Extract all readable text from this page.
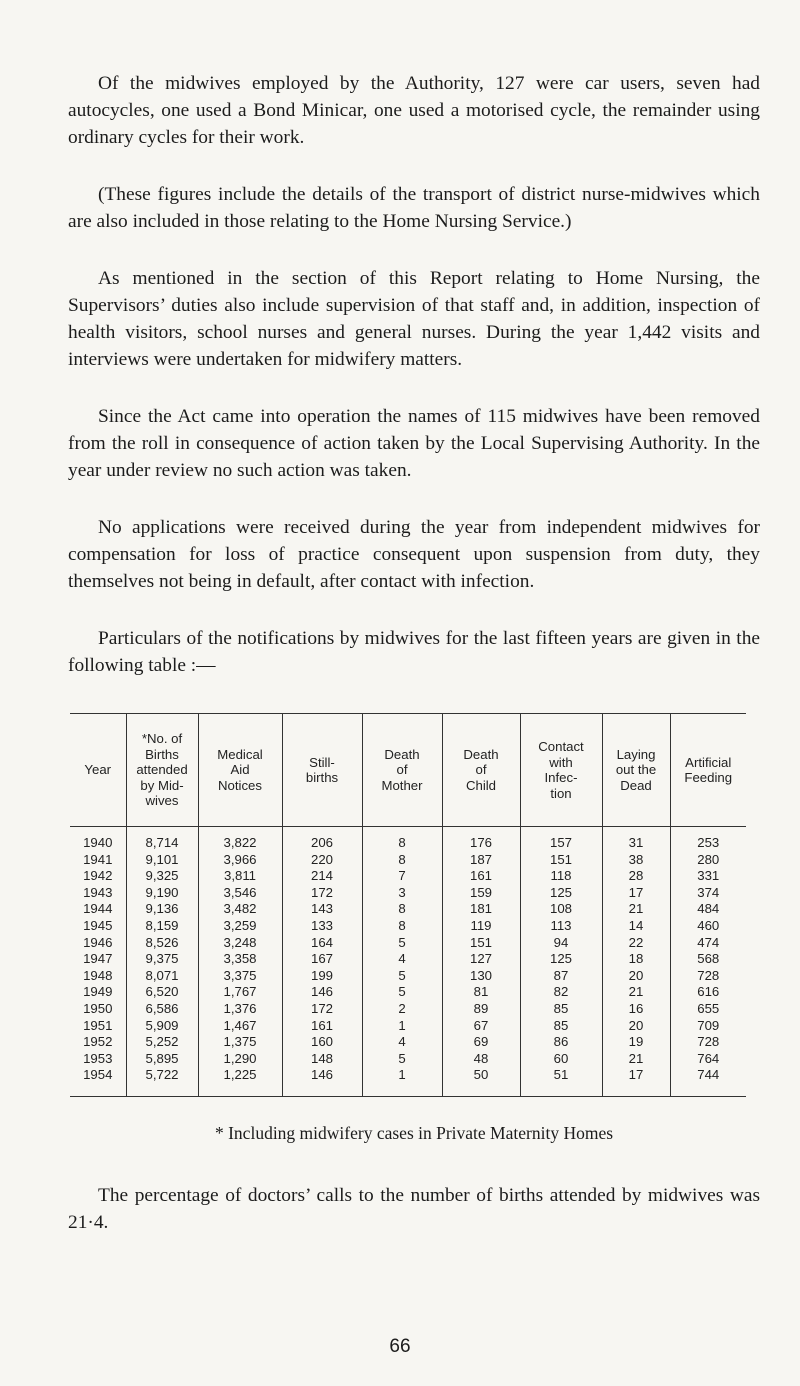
Of the midwives employed by the Authority, 127 were car users, seven had autocycles, one used a Bond Minicar, one used a motorised cycle, the remainder using ordinary cycles for their work.

(These figures include the details of the transport of district nurse-midwives which are also included in those relating to the Home Nursing Service.)

As mentioned in the section of this Report relating to Home Nursing, the Supervisors’ duties also include supervision of that staff and, in addition, inspection of health visitors, school nurses and general nurses. During the year 1,442 visits and interviews were undertaken for midwifery matters.

Since the Act came into operation the names of 115 midwives have been removed from the roll in consequence of action taken by the Local Supervising Authority. In the year under review no such action was taken.

No applications were received during the year from independent midwives for compensation for loss of practice consequent upon suspension from duty, they themselves not being in default, after contact with infection.

Particulars of the notifications by midwives for the last fifteen years are given in the following table :—

Year	*No. of
Births
attended
by Mid-
wives	Medical
Aid
Notices	Still-
births	Death
of
Mother	Death
of
Child	Contact
with
Infec-
tion	Laying
out the
Dead	Artificial
Feeding
1940	8,714	3,822	206	8	176	157	31	253
1941	9,101	3,966	220	8	187	151	38	280
1942	9,325	3,811	214	7	161	118	28	331
1943	9,190	3,546	172	3	159	125	17	374
1944	9,136	3,482	143	8	181	108	21	484
1945	8,159	3,259	133	8	119	113	14	460
1946	8,526	3,248	164	5	151	94	22	474
1947	9,375	3,358	167	4	127	125	18	568
1948	8,071	3,375	199	5	130	87	20	728
1949	6,520	1,767	146	5	81	82	21	616
1950	6,586	1,376	172	2	89	85	16	655
1951	5,909	1,467	161	1	67	85	20	709
1952	5,252	1,375	160	4	69	86	19	728
1953	5,895	1,290	148	5	48	60	21	764
1954	5,722	1,225	146	1	50	51	17	744

* Including midwifery cases in Private Maternity Homes

The percentage of doctors’ calls to the number of births attended by midwives was 21·4.

66
